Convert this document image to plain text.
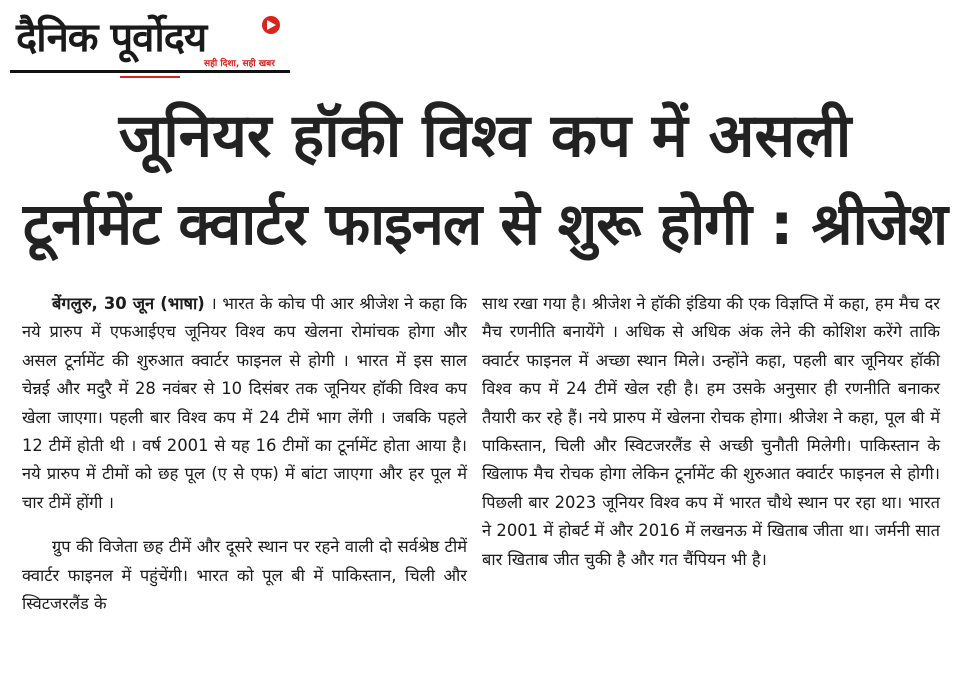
दैनिक पूर्वोदय
सही दिशा, सही खबर
जूनियर हॉकी विश्व कप में असली
टूर्नामेंट क्वार्टर फाइनल से शुरू होगी : श्रीजेश

बेंगलुरु, 30 जून (भाषा) । भारत के कोच पी आर श्रीजेश ने कहा कि नये प्रारुप में एफआईएच जूनियर विश्व कप खेलना रोमांचक होगा और असल टूर्नामेंट की शुरुआत क्वार्टर फाइनल से होगी । भारत में इस साल चेन्नई और मदुरै में 28 नवंबर से 10 दिसंबर तक जूनियर हॉकी विश्व कप खेला जाएगा। पहली बार विश्व कप में 24 टीमें भाग लेंगी । जबकि पहले 12 टीमें होती थी । वर्ष 2001 से यह 16 टीमों का टूर्नामेंट होता आया है। नये प्रारुप में टीमों को छह पूल (ए से एफ) में बांटा जाएगा और हर पूल में चार टीमें होंगी ।

ग्रुप की विजेता छह टीमें और दूसरे स्थान पर रहने वाली दो सर्वश्रेष्ठ टीमें क्वार्टर फाइनल में पहुंचेंगी। भारत को पूल बी में पाकिस्तान, चिली और स्विटजरलैंड के

साथ रखा गया है। श्रीजेश ने हॉकी इंडिया की एक विज्ञप्ति में कहा, हम मैच दर मैच रणनीति बनायेंगे । अधिक से अधिक अंक लेने की कोशिश करेंगे ताकि क्वार्टर फाइनल में अच्छा स्थान मिले। उन्होंने कहा, पहली बार जूनियर हॉकी विश्व कप में 24 टीमें खेल रही है। हम उसके अनुसार ही रणनीति बनाकर तैयारी कर रहे हैं। नये प्रारुप में खेलना रोचक होगा। श्रीजेश ने कहा, पूल बी में पाकिस्तान, चिली और स्विटजरलैंड से अच्छी चुनौती मिलेगी। पाकिस्तान के खिलाफ मैच रोचक होगा लेकिन टूर्नामेंट की शुरुआत क्वार्टर फाइनल से होगी। पिछली बार 2023 जूनियर विश्व कप में भारत चौथे स्थान पर रहा था। भारत ने 2001 में होबर्ट में और 2016 में लखनऊ में खिताब जीता था। जर्मनी सात बार खिताब जीत चुकी है और गत चैंपियन भी है।
